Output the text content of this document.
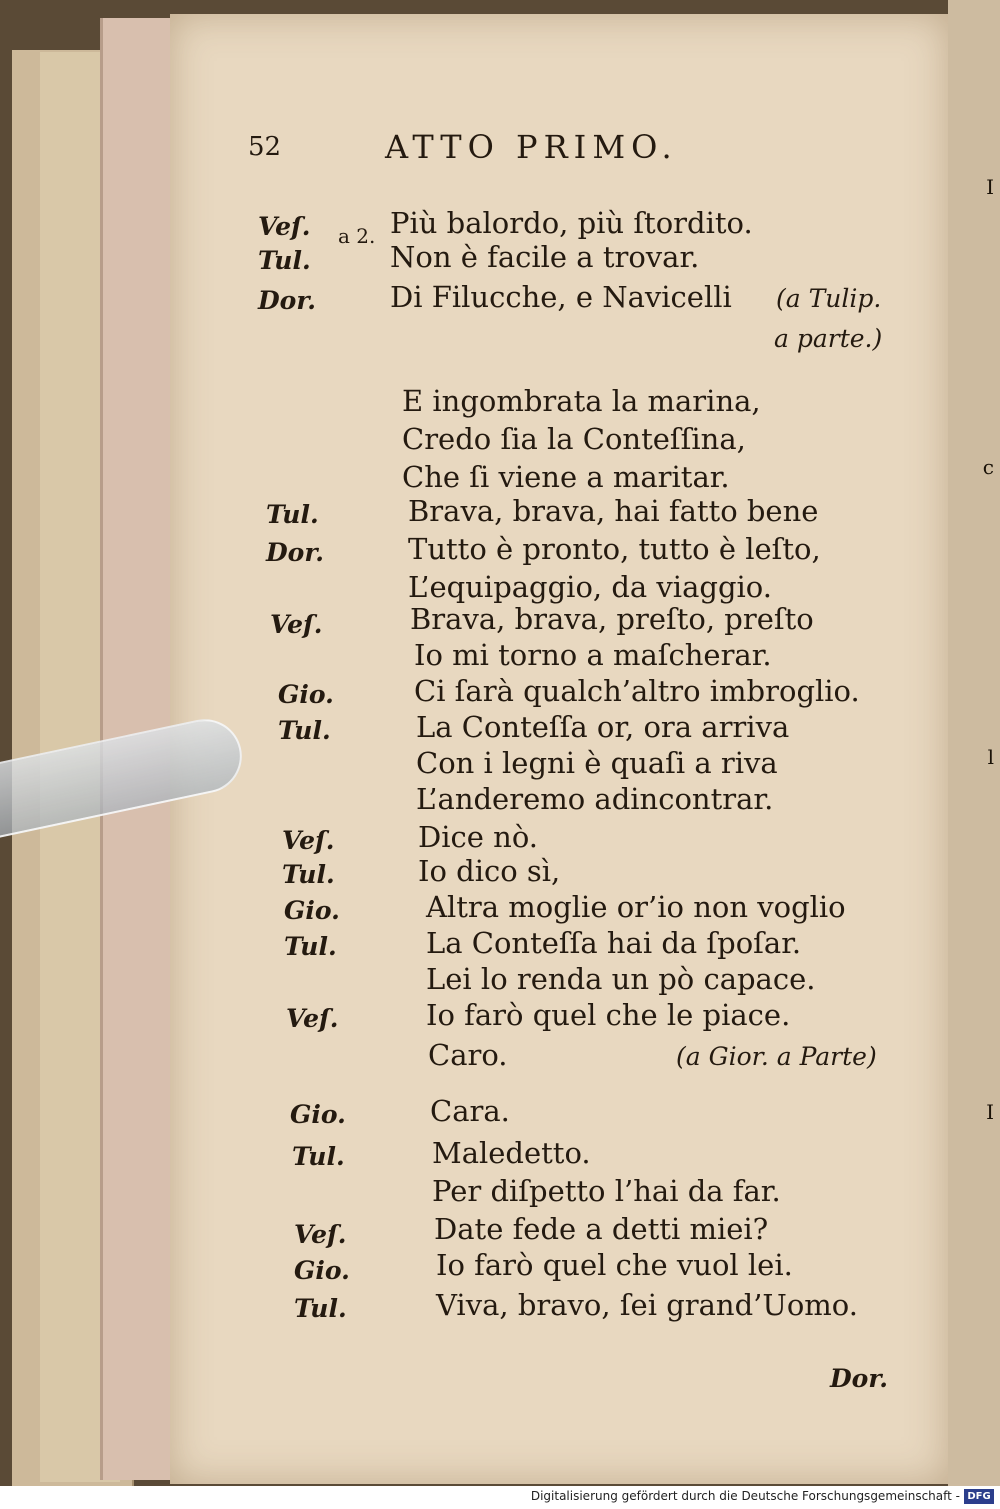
52	ATTO PRIMO.
a 2.
Veſ.	Più balordo, più ſtordito.
Tul.	Non è facile a trovar.
Dor.	Di Filucche, e Navicelli (a Tulip.
a parte.)
E ingombrata la marina,
Credo ſia la Conteſſina,
Che ſi viene a maritar.
Tul.	Brava, brava, hai fatto bene
Dor.	Tutto è pronto, tutto è leſto,
L’equipaggio, da viaggio.
Veſ.	Brava, brava, preſto, preſto
Io mi torno a maſcherar.
Gio.	Ci ſarà qualch’altro imbroglio.
Tul.	La Conteſſa or, ora arriva
Con i legni è quaſi a riva
L’anderemo adincontrar.
Veſ.	Dice nò.
Tul.	Io dico sì,
Gio.	Altra moglie or’io non voglio
Tul.	La Conteſſa hai da ſpoſar.
Lei lo renda un pò capace.
Veſ.	Io farò quel che le piace.
Caro.	(a Gior. a Parte)
Gio.	Cara.
Tul.	Maledetto.
Per diſpetto l’hai da far.
Veſ.	Date fede a detti miei?
Gio.	Io farò quel che vuol lei.
Tul.	Viva, bravo, ſei grand’Uomo.
Dor.
I
c
l
I
Digitalisierung gefördert durch die Deutsche Forschungsgemeinschaft - DFG
